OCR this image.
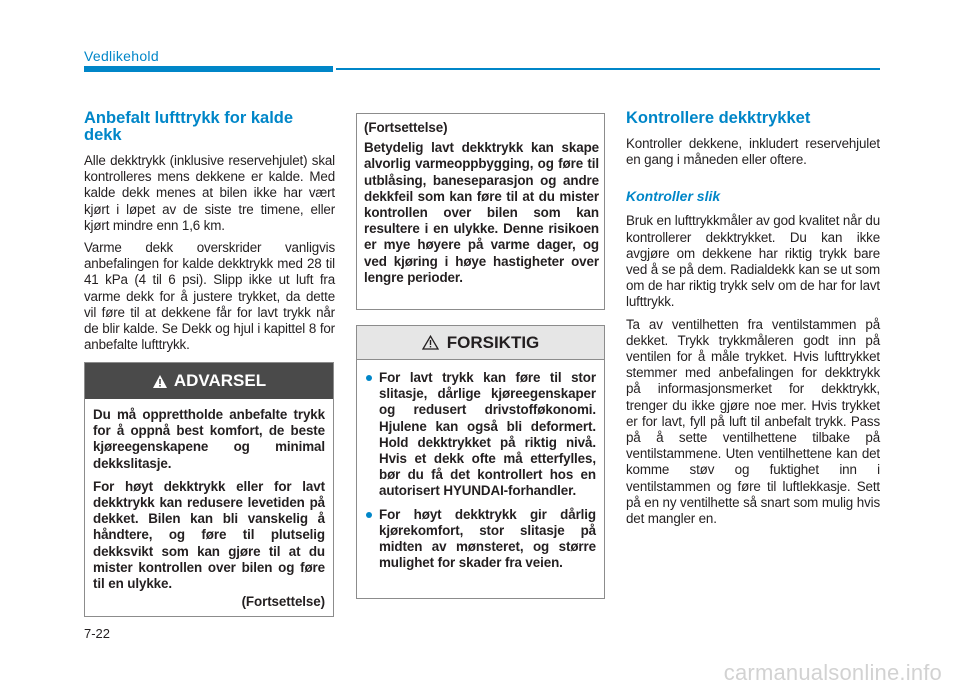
Vedlikehold
Anbefalt lufttrykk for kalde dekk

Alle dekktrykk (inklusive reservehjulet) skal kontrolleres mens dekkene er kalde. Med kalde dekk menes at bilen ikke har vært kjørt i løpet av de siste tre timene, eller kjørt mindre enn 1,6 km.

Varme dekk overskrider vanligvis anbefalingen for kalde dekktrykk med 28 til 41 kPa (4 til 6 psi). Slipp ikke ut luft fra varme dekk for å justere trykket, da dette vil føre til at dekkene får for lavt trykk når de blir kalde. Se Dekk og hjul i kapittel 8 for anbefalte lufttrykk.

ADVARSEL

Du må opprettholde anbefalte trykk for å oppnå best komfort, de beste kjøreegenskapene og minimal dekkslitasje.

For høyt dekktrykk eller for lavt dekktrykk kan redusere levetiden på dekket. Bilen kan bli vanskelig å håndtere, og føre til plutselig dekksvikt som kan gjøre til at du mister kontrollen over bilen og føre til en ulykke.

(Fortsettelse)

(Fortsettelse)

Betydelig lavt dekktrykk kan skape alvorlig varmeoppbygging, og føre til utblåsing, baneseparasjon og andre dekkfeil som kan føre til at du mister kontrollen over bilen som kan resultere i en ulykke. Denne risikoen er mye høyere på varme dager, og ved kjøring i høye hastigheter over lengre perioder.

FORSIKTIG

For lavt trykk kan føre til stor slitasje, dårlige kjøreegenskaper og redusert drivstofføkonomi. Hjulene kan også bli deformert. Hold dekktrykket på riktig nivå. Hvis et dekk ofte må etterfylles, bør du få det kontrollert hos en autorisert HYUNDAI-forhandler.

For høyt dekktrykk gir dårlig kjørekomfort, stor slitasje på midten av mønsteret, og større mulighet for skader fra veien.

Kontrollere dekktrykket

Kontroller dekkene, inkludert reservehjulet en gang i måneden eller oftere.

Kontroller slik

Bruk en lufttrykkmåler av god kvalitet når du kontrollerer dekktrykket. Du kan ikke avgjøre om dekkene har riktig trykk bare ved å se på dem. Radialdekk kan se ut som om de har riktig trykk selv om de har for lavt lufttrykk.

Ta av ventilhetten fra ventilstammen på dekket. Trykk trykkmåleren godt inn på ventilen for å måle trykket. Hvis lufttrykket stemmer med anbefalingen for dekktrykk på informasjonsmerket for dekktrykk, trenger du ikke gjøre noe mer. Hvis trykket er for lavt, fyll på luft til anbefalt trykk. Pass på å sette ventilhettene tilbake på ventilstammene. Uten ventilhettene kan det komme støv og fuktighet inn i ventilstammen og føre til luftlekkasje. Sett på en ny ventilhette så snart som mulig hvis det mangler en.

7-22
carmanualsonline.info
